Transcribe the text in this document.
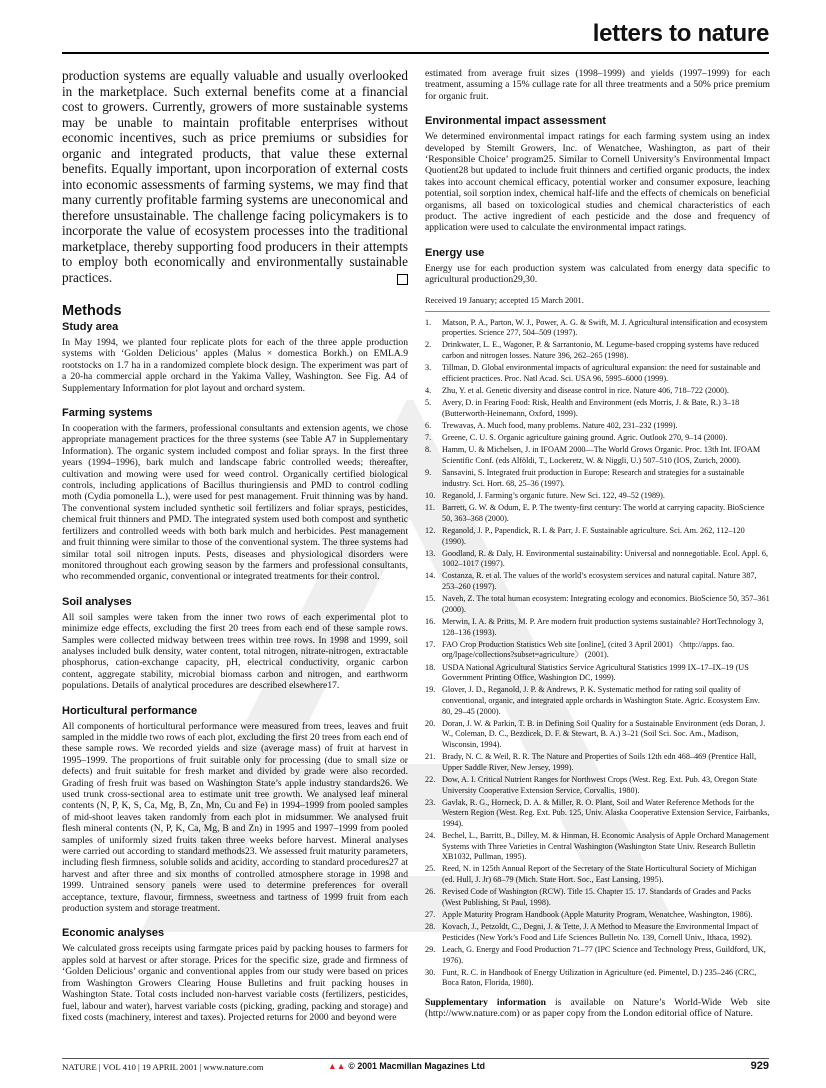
letters to nature

production systems are equally valuable and usually overlooked in the marketplace. Such external benefits come at a financial cost to growers. Currently, growers of more sustainable systems may be unable to maintain profitable enterprises without economic incentives, such as price premiums or subsidies for organic and integrated products, that value these external benefits. Equally important, upon incorporation of external costs into economic assessments of farming systems, we may find that many currently profitable farming systems are uneconomical and therefore unsustainable. The challenge facing policymakers is to incorporate the value of ecosystem processes into the traditional marketplace, thereby supporting food producers in their attempts to employ both economically and environmentally sustainable practices.

Methods
Study area

In May 1994, we planted four replicate plots for each of the three apple production systems with ‘Golden Delicious’ apples (Malus × domestica Borkh.) on EMLA.9 rootstocks on 1.7 ha in a randomized complete block design. The experiment was part of a 20-ha commercial apple orchard in the Yakima Valley, Washington. See Fig. A4 of Supplementary Information for plot layout and orchard system.

Farming systems

In cooperation with the farmers, professional consultants and extension agents, we chose appropriate management practices for the three systems (see Table A7 in Supplementary Information). The organic system included compost and foliar sprays. In the first three years (1994–1996), bark mulch and landscape fabric controlled weeds; thereafter, cultivation and mowing were used for weed control. Organically certified biological controls, including applications of Bacillus thuringiensis and PMD to control codling moth (Cydia pomonella L.), were used for pest management. Fruit thinning was by hand. The conventional system included synthetic soil fertilizers and foliar sprays, pesticides, chemical fruit thinners and PMD. The integrated system used both compost and synthetic fertilizers and controlled weeds with both bark mulch and herbicides. Pest management and fruit thinning were similar to those of the conventional system. The three systems had similar total soil nitrogen inputs. Pests, diseases and physiological disorders were monitored throughout each growing season by the farmers and professional consultants, who recommended organic, conventional or integrated treatments for their control.

Soil analyses

All soil samples were taken from the inner two rows of each experimental plot to minimize edge effects, excluding the first 20 trees from each end of these sample rows. Samples were collected midway between trees within tree rows. In 1998 and 1999, soil analyses included bulk density, water content, total nitrogen, nitrate-nitrogen, extractable phosphorus, cation-exchange capacity, pH, electrical conductivity, organic carbon content, aggregate stability, microbial biomass carbon and nitrogen, and earthworm populations. Details of analytical procedures are described elsewhere17.

Horticultural performance

All components of horticultural performance were measured from trees, leaves and fruit sampled in the middle two rows of each plot, excluding the first 20 trees from each end of these sample rows. We recorded yields and size (average mass) of fruit at harvest in 1995–1999. The proportions of fruit suitable only for processing (due to small size or defects) and fruit suitable for fresh market and divided by grade were also recorded. Grading of fresh fruit was based on Washington State’s apple industry standards26. We used trunk cross-sectional area to estimate unit tree growth. We analysed leaf mineral contents (N, P, K, S, Ca, Mg, B, Zn, Mn, Cu and Fe) in 1994–1999 from pooled samples of mid-shoot leaves taken randomly from each plot in midsummer. We analysed fruit flesh mineral contents (N, P, K, Ca, Mg, B and Zn) in 1995 and 1997–1999 from pooled samples of uniformly sized fruits taken three weeks before harvest. Mineral analyses were carried out according to standard methods23. We assessed fruit maturity parameters, including flesh firmness, soluble solids and acidity, according to standard procedures27 at harvest and after three and six months of controlled atmosphere storage in 1998 and 1999. Untrained sensory panels were used to determine preferences for overall acceptance, texture, flavour, firmness, sweetness and tartness of 1999 fruit from each production system and storage treatment.

Economic analyses

We calculated gross receipts using farmgate prices paid by packing houses to farmers for apples sold at harvest or after storage. Prices for the specific size, grade and firmness of ‘Golden Delicious’ organic and conventional apples from our study were based on prices from Washington Growers Clearing House Bulletins and fruit packing houses in Washington State. Total costs included non-harvest variable costs (fertilizers, pesticides, fuel, labour and water), harvest variable costs (picking, grading, packing and storage) and fixed costs (machinery, interest and taxes). Projected returns for 2000 and beyond were

estimated from average fruit sizes (1998–1999) and yields (1997–1999) for each treatment, assuming a 15% cullage rate for all three treatments and a 50% price premium for organic fruit.

Environmental impact assessment

We determined environmental impact ratings for each farming system using an index developed by Stemilt Growers, Inc. of Wenatchee, Washington, as part of their ‘Responsible Choice’ program25. Similar to Cornell University’s Environmental Impact Quotient28 but updated to include fruit thinners and certified organic products, the index takes into account chemical efficacy, potential worker and consumer exposure, leaching potential, soil sorption index, chemical half-life and the effects of chemicals on beneficial organisms, all based on toxicological studies and chemical characteristics of each product. The active ingredient of each pesticide and the dose and frequency of application were used to calculate the environmental impact ratings.

Energy use

Energy use for each production system was calculated from energy data specific to agricultural production29,30.

Received 19 January; accepted 15 March 2001.
1. Matson, P. A., Parton, W. J., Power, A. G. & Swift, M. J. Agricultural intensification and ecosystem properties. Science 277, 504–509 (1997).
2. Drinkwater, L. E., Wagoner, P. & Sarrantonio, M. Legume-based cropping systems have reduced carbon and nitrogen losses. Nature 396, 262–265 (1998).
3. Tillman, D. Global environmental impacts of agricultural expansion: the need for sustainable and efficient practices. Proc. Natl Acad. Sci. USA 96, 5995–6000 (1999).
4. Zhu, Y. et al. Genetic diversity and disease control in rice. Nature 406, 718–722 (2000).
5. Avery, D. in Fearing Food: Risk, Health and Environment (eds Morris, J. & Bate, R.) 3–18 (Butterworth-Heinemann, Oxford, 1999).
6. Trewavas, A. Much food, many problems. Nature 402, 231–232 (1999).
7. Greene, C. U. S. Organic agriculture gaining ground. Agric. Outlook 270, 9–14 (2000).
8. Hamm, U. & Michelsen, J. in IFOAM 2000—The World Grows Organic. Proc. 13th Int. IFOAM Scientific Conf. (eds Alföldi, T., Lockeretz, W. & Niggli, U.) 507–510 (IOS, Zurich, 2000).
9. Sansavini, S. Integrated fruit production in Europe: Research and strategies for a sustainable industry. Sci. Hort. 68, 25–36 (1997).
10. Reganold, J. Farming’s organic future. New Sci. 122, 49–52 (1989).
11. Barrett, G. W. & Odum, E. P. The twenty-first century: The world at carrying capacity. BioScience 50, 363–368 (2000).
12. Reganold, J. P., Papendick, R. I. & Parr, J. F. Sustainable agriculture. Sci. Am. 262, 112–120 (1990).
13. Goodland, R. & Daly, H. Environmental sustainability: Universal and nonnegotiable. Ecol. Appl. 6, 1002–1017 (1997).
14. Costanza, R. et al. The values of the world’s ecosystem services and natural capital. Nature 387, 253–260 (1997).
15. Naveh, Z. The total human ecosystem: Integrating ecology and economics. BioScience 50, 357–361 (2000).
16. Merwin, I. A. & Pritts, M. P. Are modern fruit production systems sustainable? HortTechnology 3, 128–136 (1993).
17. FAO Crop Production Statistics Web site [online], (cited 3 April 2001) 〈http://apps. fao. org/lpage/collections?subset=agriculture〉 (2001).
18. USDA National Agricultural Statistics Service Agricultural Statistics 1999 IX–17–IX–19 (US Government Printing Office, Washington DC, 1999).
19. Glover, J. D., Reganold, J. P. & Andrews, P. K. Systematic method for rating soil quality of conventional, organic, and integrated apple orchards in Washington State. Agric. Ecosystem Env. 80, 29–45 (2000).
20. Doran, J. W. & Parkin, T. B. in Defining Soil Quality for a Sustainable Environment (eds Doran, J. W., Coleman, D. C., Bezdicek, D. F. & Stewart, B. A.) 3–21 (Soil Sci. Soc. Am., Madison, Wisconsin, 1994).
21. Brady, N. C. & Weil, R. R. The Nature and Properties of Soils 12th edn 468–469 (Prentice Hall, Upper Saddle River, New Jersey, 1999).
22. Dow, A. I. Critical Nutrient Ranges for Northwest Crops (West. Reg. Ext. Pub. 43, Oregon State University Cooperative Extension Service, Corvallis, 1980).
23. Gavlak, R. G., Horneck, D. A. & Miller, R. O. Plant, Soil and Water Reference Methods for the Western Region (West. Reg. Ext. Pub. 125, Univ. Alaska Cooperative Extension Service, Fairbanks, 1994).
24. Bechel, L., Barritt, B., Dilley, M. & Hinman, H. Economic Analysis of Apple Orchard Management Systems with Three Varieties in Central Washington (Washington State Univ. Research Bulletin XB1032, Pullman, 1995).
25. Reed, N. in 125th Annual Report of the Secretary of the State Horticultural Society of Michigan (ed. Hull, J. Jr) 68–79 (Mich. State Hort. Soc., East Lansing, 1995).
26. Revised Code of Washington (RCW). Title 15. Chapter 15. 17. Standards of Grades and Packs (West Publishing, St Paul, 1998).
27. Apple Maturity Program Handbook (Apple Maturity Program, Wenatchee, Washington, 1986).
28. Kovach, J., Petzoldt, C., Degni, J. & Tette, J. A Method to Measure the Environmental Impact of Pesticides (New York’s Food and Life Sciences Bulletin No. 139, Cornell Univ., Ithaca, 1992).
29. Leach, G. Energy and Food Production 71–77 (IPC Science and Technology Press, Guildford, UK, 1976).
30. Funt, R. C. in Handbook of Energy Utilization in Agriculture (ed. Pimentel, D.) 235–246 (CRC, Boca Raton, Florida, 1980).

Supplementary information is available on Nature’s World-Wide Web site (http://www.nature.com) or as paper copy from the London editorial office of Nature.

NATURE | VOL 410 | 19 APRIL 2001 | www.nature.com	▲▲ © 2001 Macmillan Magazines Ltd	929
